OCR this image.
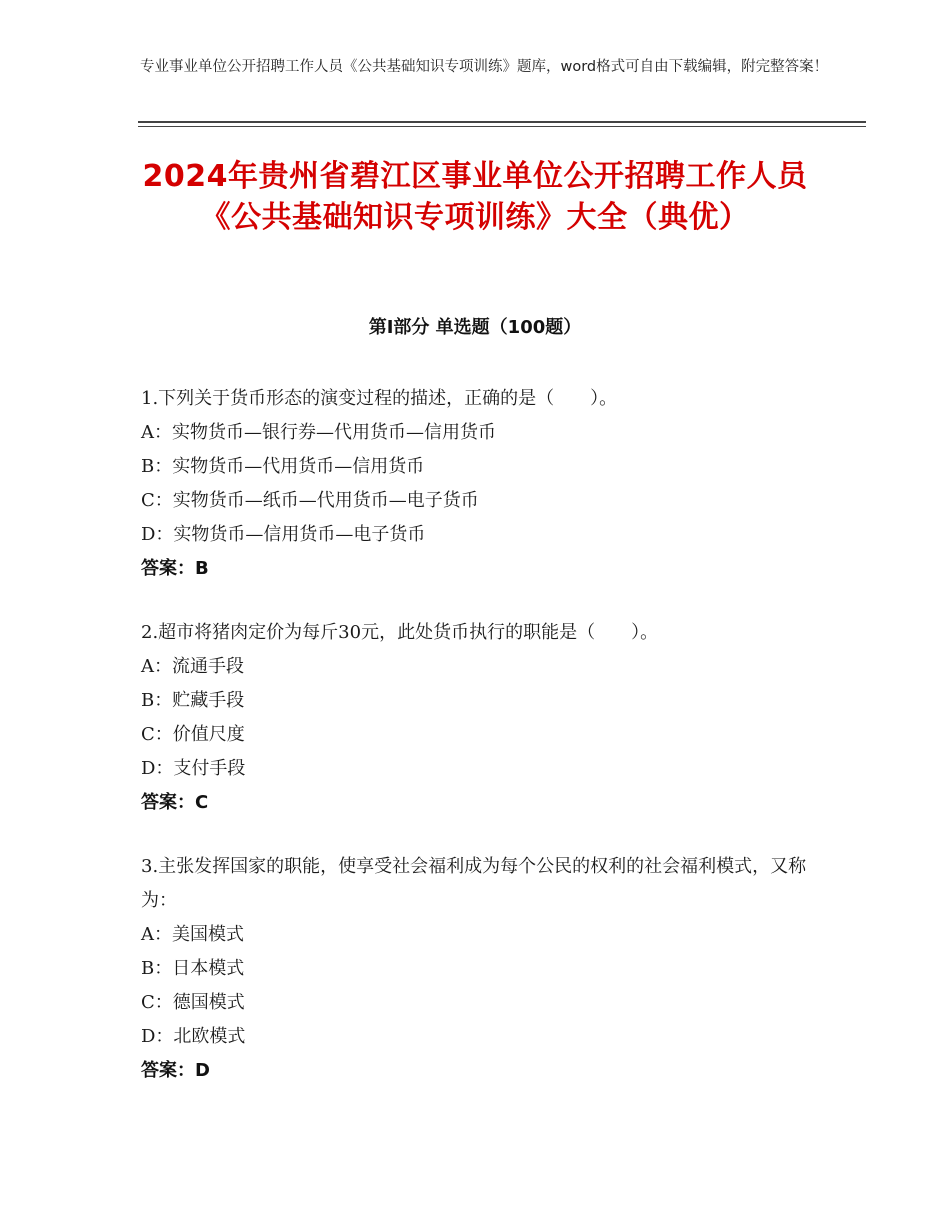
专业事业单位公开招聘工作人员《公共基础知识专项训练》题库，word格式可自由下载编辑，附完整答案！
2024年贵州省碧江区事业单位公开招聘工作人员《公共基础知识专项训练》大全（典优）
第Ⅰ部分 单选题（100题）
1.下列关于货币形态的演变过程的描述，正确的是（　　）。
A：实物货币—银行券—代用货币—信用货币
B：实物货币—代用货币—信用货币
C：实物货币—纸币—代用货币—电子货币
D：实物货币—信用货币—电子货币
答案：B
2.超市将猪肉定价为每斤30元，此处货币执行的职能是（　　）。
A：流通手段
B：贮藏手段
C：价值尺度
D：支付手段
答案：C
3.主张发挥国家的职能，使享受社会福利成为每个公民的权利的社会福利模式，又称为：
A：美国模式
B：日本模式
C：德国模式
D：北欧模式
答案：D
